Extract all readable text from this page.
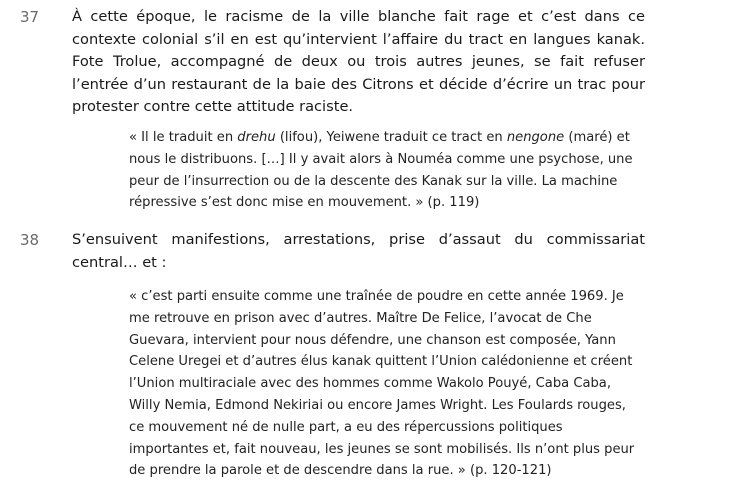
37 À cette époque, le racisme de la ville blanche fait rage et c’est dans ce
contexte colonial s’il en est qu’intervient l’affaire du tract en langues kanak.
Fote Trolue, accompagné de deux ou trois autres jeunes, se fait refuser
l’entrée d’un restaurant de la baie des Citrons et décide d’écrire un trac pour
protester contre cette attitude raciste.
« Il le traduit en drehu (lifou), Yeiwene traduit ce tract en nengone (maré) et
nous le distribuons. […] Il y avait alors à Nouméa comme une psychose, une
peur de l’insurrection ou de la descente des Kanak sur la ville. La machine
répressive s’est donc mise en mouvement. » (p. 119)
38 S’ensuivent manifestions, arrestations, prise d’assaut du commissariat
central… et :
« c’est parti ensuite comme une traînée de poudre en cette année 1969. Je
me retrouve en prison avec d’autres. Maître De Felice, l’avocat de Che
Guevara, intervient pour nous défendre, une chanson est composée, Yann
Celene Uregei et d’autres élus kanak quittent l’Union calédonienne et créent
l’Union multiraciale avec des hommes comme Wakolo Pouyé, Caba Caba,
Willy Nemia, Edmond Nekiriai ou encore James Wright. Les Foulards rouges,
ce mouvement né de nulle part, a eu des répercussions politiques
importantes et, fait nouveau, les jeunes se sont mobilisés. Ils n’ont plus peur
de prendre la parole et de descendre dans la rue. » (p. 120-121)
